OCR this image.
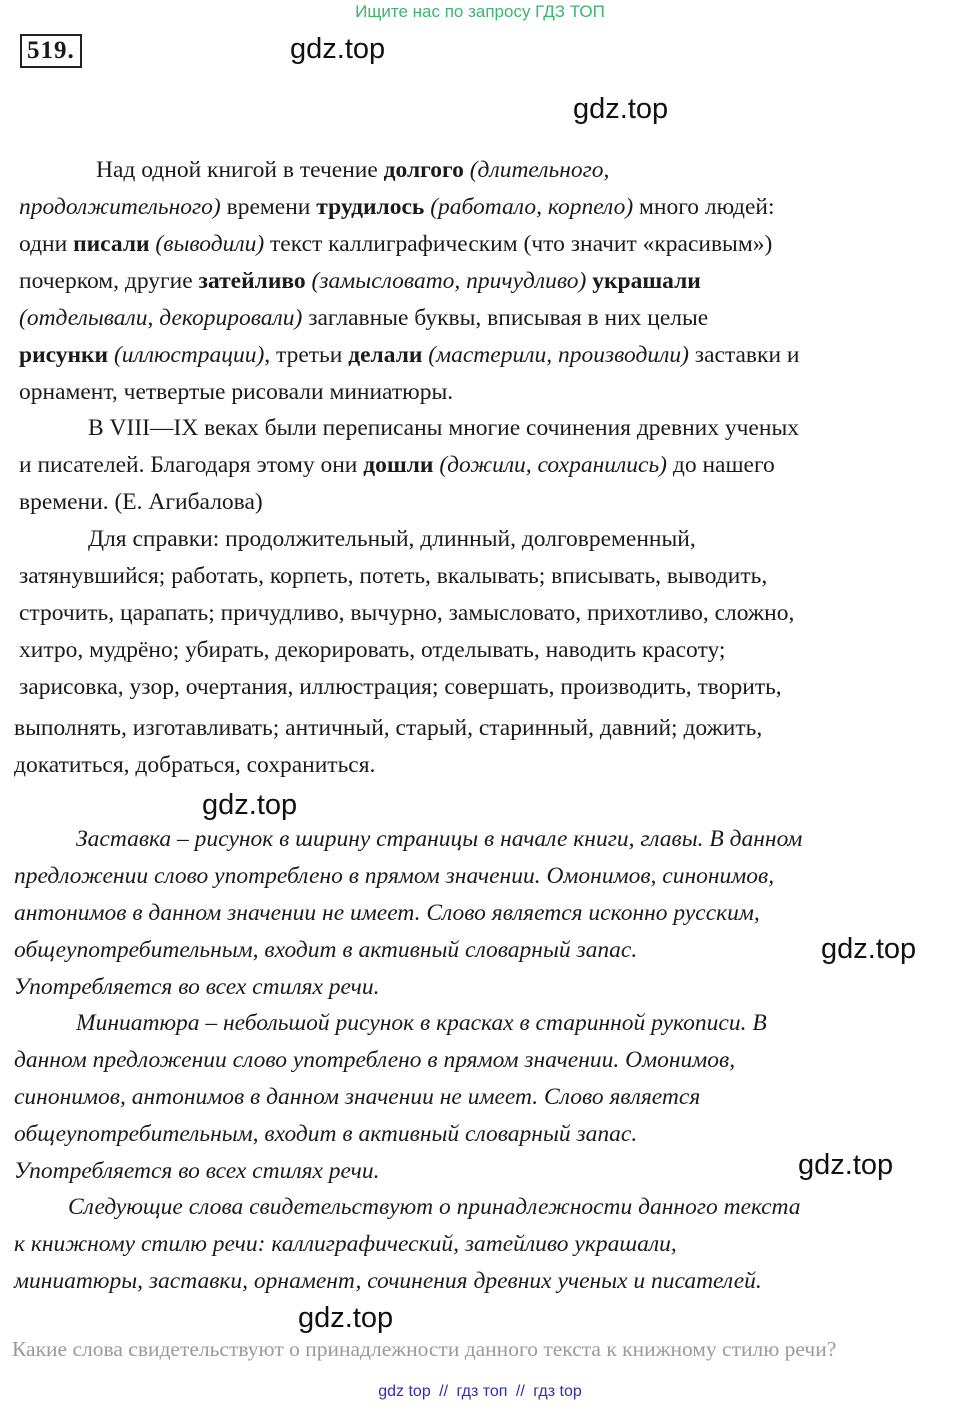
Ищите нас по запросу ГДЗ ТОП
519.	gdz.top
gdz.top
Над одной книгой в течение долгого (длительного,
продолжительного) времени трудилось (работало, корпело) много людей:
одни писали (выводили) текст каллиграфическим (что значит «красивым»)
почерком, другие затейливо (замысловато, причудливо) украшали
(отделывали, декорировали) заглавные буквы, вписывая в них целые
рисунки (иллюстрации), третьи делали (мастерили, производили) заставки и
орнамент, четвертые рисовали миниатюры.
В VIII—IX веках были переписаны многие сочинения древних ученых
и писателей. Благодаря этому они дошли (дожили, сохранились) до нашего
времени. (Е. Агибалова)
Для справки: продолжительный, длинный, долговременный,
затянувшийся; работать, корпеть, потеть, вкалывать; вписывать, выводить,
строчить, царапать; причудливо, вычурно, замысловато, прихотливо, сложно,
хитро, мудрёно; убирать, декорировать, отделывать, наводить красоту;
зарисовка, узор, очертания, иллюстрация; совершать, производить, творить,
выполнять, изготавливать; античный, старый, старинный, давний; дожить,
докатиться, добраться, сохраниться.
gdz.top
Заставка – рисунок в ширину страницы в начале книги, главы. В данном
предложении слово употреблено в прямом значении. Омонимов, синонимов,
антонимов в данном значении не имеет. Слово является исконно русским,
общеупотребительным, входит в активный словарный запас.	gdz.top
Употребляется во всех стилях речи.
Миниатюра – небольшой рисунок в красках в старинной рукописи. В
данном предложении слово употреблено в прямом значении. Омонимов,
синонимов, антонимов в данном значении не имеет. Слово является
общеупотребительным, входит в активный словарный запас.
Употребляется во всех стилях речи.	gdz.top
Следующие слова свидетельствуют о принадлежности данного текста
к книжному стилю речи: каллиграфический, затейливо украшали,
миниатюры, заставки, орнамент, сочинения древних ученых и писателей.
gdz.top
Какие слова свидетельствуют о принадлежности данного текста к книжному стилю речи?
gdz top // гдз топ // гдз top
